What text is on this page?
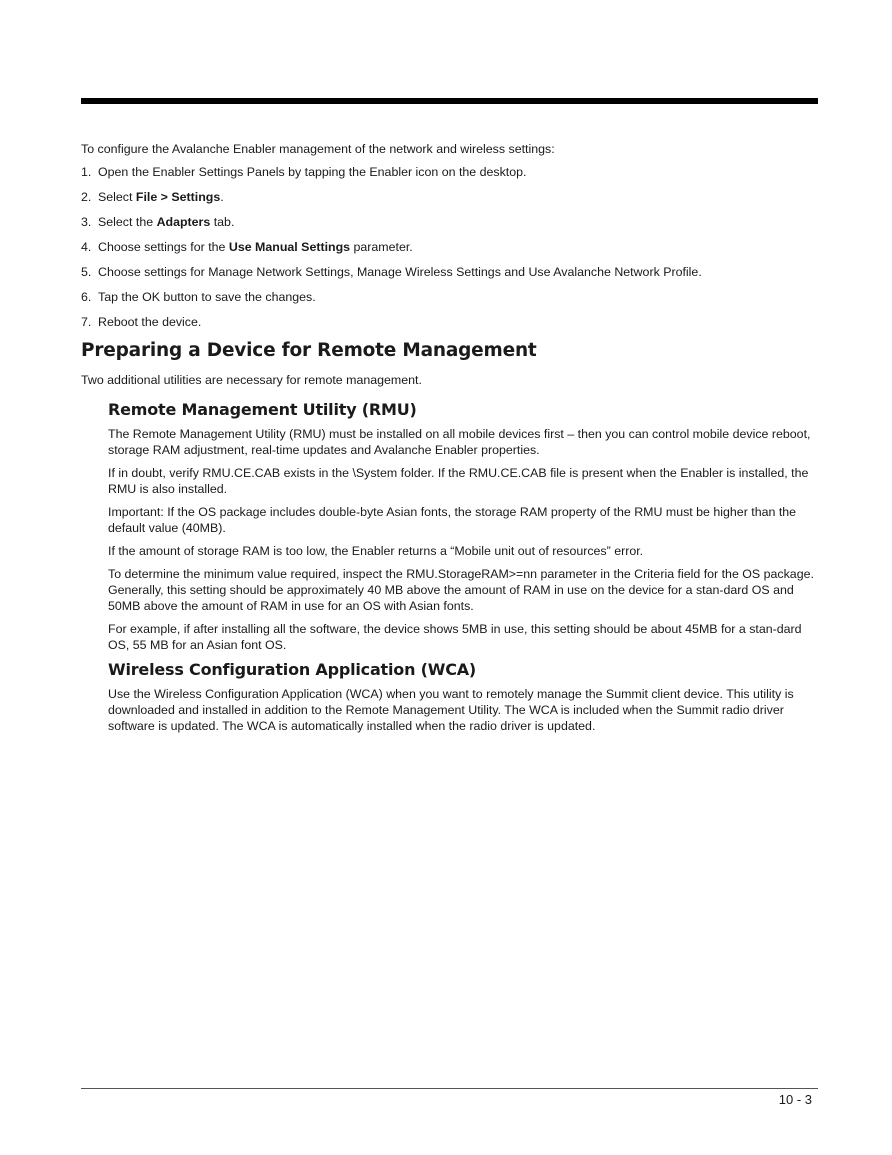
To configure the Avalanche Enabler management of the network and wireless settings:

1. Open the Enabler Settings Panels by tapping the Enabler icon on the desktop.
2. Select File > Settings.
3. Select the Adapters tab.
4. Choose settings for the Use Manual Settings parameter.
5. Choose settings for Manage Network Settings, Manage Wireless Settings and Use Avalanche Network Profile.
6. Tap the OK button to save the changes.
7. Reboot the device.
Preparing a Device for Remote Management

Two additional utilities are necessary for remote management.

Remote Management Utility (RMU)

The Remote Management Utility (RMU) must be installed on all mobile devices first – then you can control mobile device reboot, storage RAM adjustment, real-time updates and Avalanche Enabler properties.

If in doubt, verify RMU.CE.CAB exists in the \System folder. If the RMU.CE.CAB file is present when the Enabler is installed, the RMU is also installed.

Important: If the OS package includes double-byte Asian fonts, the storage RAM property of the RMU must be higher than the default value (40MB).

If the amount of storage RAM is too low, the Enabler returns a “Mobile unit out of resources” error.

To determine the minimum value required, inspect the RMU.StorageRAM>=nn parameter in the Criteria field for the OS package. Generally, this setting should be approximately 40 MB above the amount of RAM in use on the device for a stan-dard OS and 50MB above the amount of RAM in use for an OS with Asian fonts.

For example, if after installing all the software, the device shows 5MB in use, this setting should be about 45MB for a stan-dard OS, 55 MB for an Asian font OS.

Wireless Configuration Application (WCA)

Use the Wireless Configuration Application (WCA) when you want to remotely manage the Summit client device. This utility is downloaded and installed in addition to the Remote Management Utility. The WCA is included when the Summit radio driver software is updated. The WCA is automatically installed when the radio driver is updated.

10 - 3
